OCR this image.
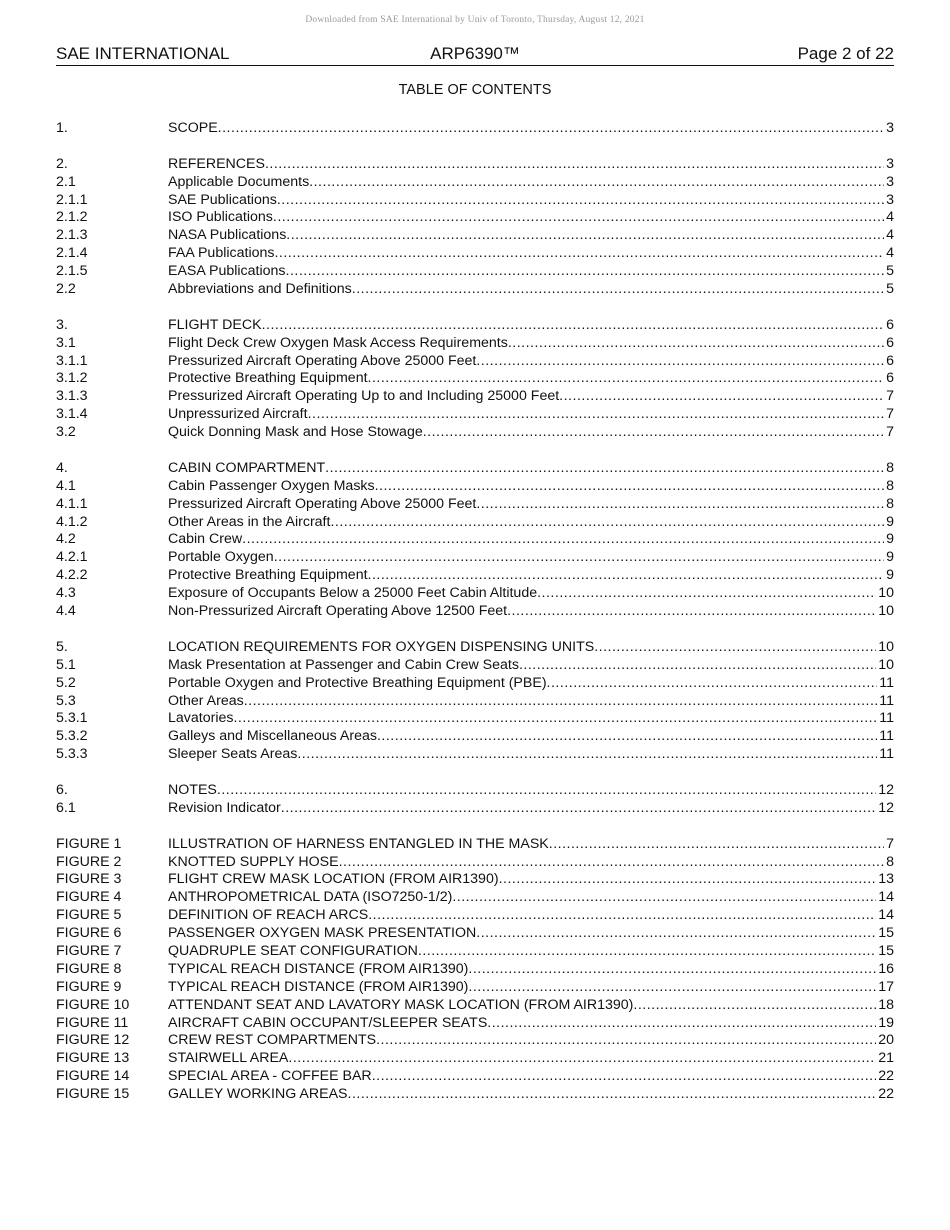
Downloaded from SAE International by Univ of Toronto, Thursday, August 12, 2021
SAE INTERNATIONAL	ARP6390™	Page 2 of 22
TABLE OF CONTENTS
1.	SCOPE .....	3
2.	REFERENCES .....	3
2.1	Applicable Documents .....	3
2.1.1	SAE Publications .....	3
2.1.2	ISO Publications .....	4
2.1.3	NASA Publications .....	4
2.1.4	FAA Publications .....	4
2.1.5	EASA Publications .....	5
2.2	Abbreviations and Definitions .....	5
3.	FLIGHT DECK .....	6
3.1	Flight Deck Crew Oxygen Mask Access Requirements .....	6
3.1.1	Pressurized Aircraft Operating Above 25000 Feet .....	6
3.1.2	Protective Breathing Equipment .....	6
3.1.3	Pressurized Aircraft Operating Up to and Including 25000 Feet .....	7
3.1.4	Unpressurized Aircraft .....	7
3.2	Quick Donning Mask and Hose Stowage .....	7
4.	CABIN COMPARTMENT .....	8
4.1	Cabin Passenger Oxygen Masks .....	8
4.1.1	Pressurized Aircraft Operating Above 25000 Feet .....	8
4.1.2	Other Areas in the Aircraft .....	9
4.2	Cabin Crew .....	9
4.2.1	Portable Oxygen .....	9
4.2.2	Protective Breathing Equipment .....	9
4.3	Exposure of Occupants Below a 25000 Feet Cabin Altitude .....	10
4.4	Non-Pressurized Aircraft Operating Above 12500 Feet .....	10
5.	LOCATION REQUIREMENTS FOR OXYGEN DISPENSING UNITS .....	10
5.1	Mask Presentation at Passenger and Cabin Crew Seats .....	10
5.2	Portable Oxygen and Protective Breathing Equipment (PBE) .....	11
5.3	Other Areas .....	11
5.3.1	Lavatories .....	11
5.3.2	Galleys and Miscellaneous Areas .....	11
5.3.3	Sleeper Seats Areas .....	11
6.	NOTES .....	12
6.1	Revision Indicator .....	12
FIGURE 1	ILLUSTRATION OF HARNESS ENTANGLED IN THE MASK .....	7
FIGURE 2	KNOTTED SUPPLY HOSE .....	8
FIGURE 3	FLIGHT CREW MASK LOCATION (FROM AIR1390) .....	13
FIGURE 4	ANTHROPOMETRICAL DATA (ISO7250-1/2) .....	14
FIGURE 5	DEFINITION OF REACH ARCS .....	14
FIGURE 6	PASSENGER OXYGEN MASK PRESENTATION .....	15
FIGURE 7	QUADRUPLE SEAT CONFIGURATION .....	15
FIGURE 8	TYPICAL REACH DISTANCE (FROM AIR1390) .....	16
FIGURE 9	TYPICAL REACH DISTANCE (FROM AIR1390) .....	17
FIGURE 10	ATTENDANT SEAT AND LAVATORY MASK LOCATION (FROM AIR1390) .....	18
FIGURE 11	AIRCRAFT CABIN OCCUPANT/SLEEPER SEATS .....	19
FIGURE 12	CREW REST COMPARTMENTS .....	20
FIGURE 13	STAIRWELL AREA .....	21
FIGURE 14	SPECIAL AREA - COFFEE BAR .....	22
FIGURE 15	GALLEY WORKING AREAS .....	22
